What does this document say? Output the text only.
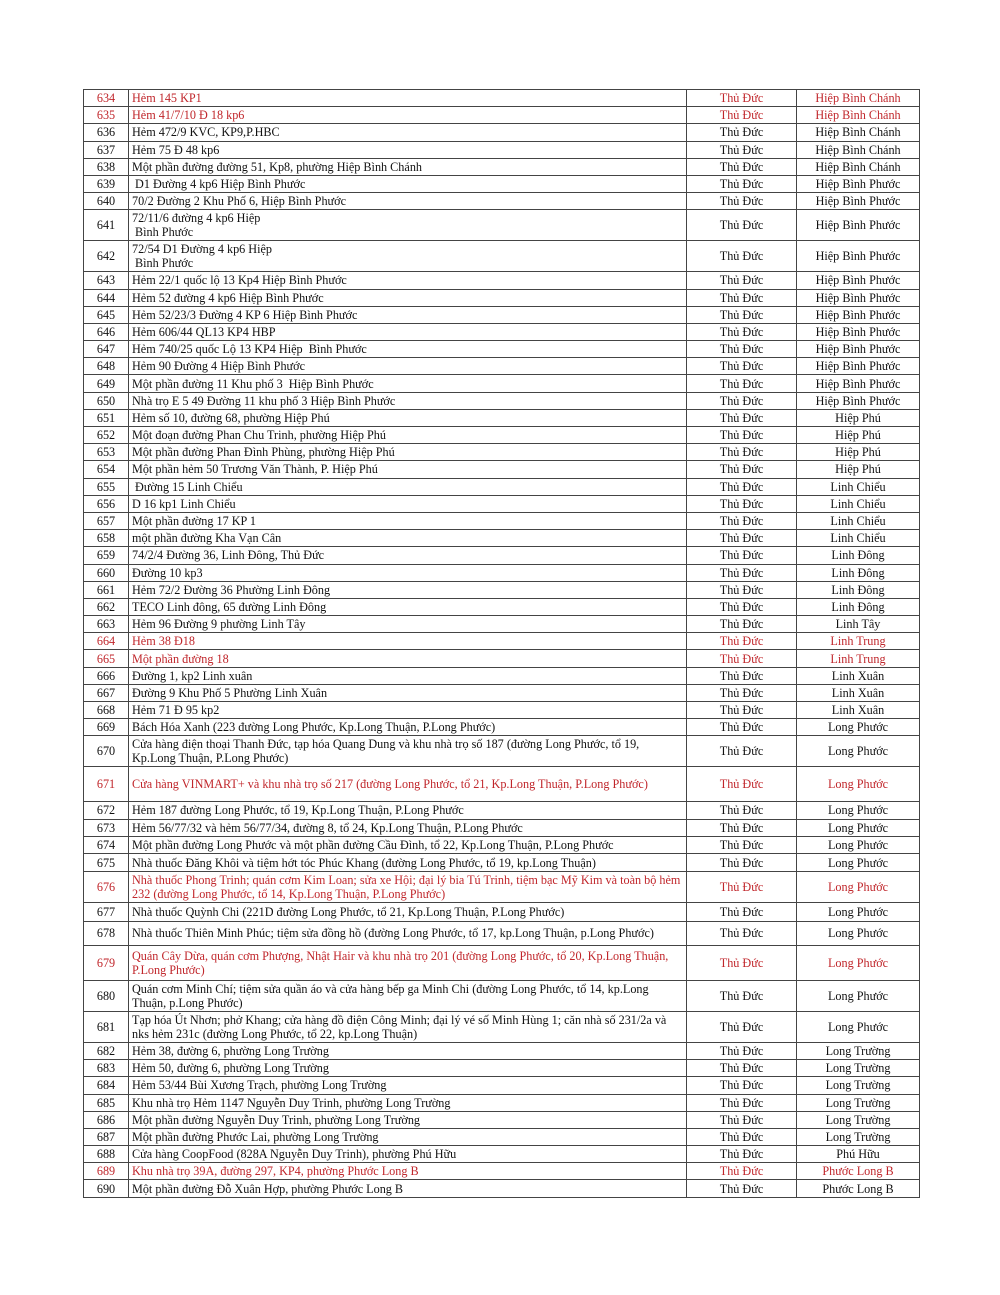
634	Hẻm 145 KP1	Thủ Đức	Hiệp Bình Chánh
635	Hẻm 41/7/10 Đ 18 kp6	Thủ Đức	Hiệp Bình Chánh
636	Hẻm 472/9 KVC, KP9,P.HBC	Thủ Đức	Hiệp Bình Chánh
637	Hẻm 75 Đ 48 kp6	Thủ Đức	Hiệp Bình Chánh
638	Một phần đường đường 51, Kp8, phường Hiệp Bình Chánh	Thủ Đức	Hiệp Bình Chánh
639	D1 Đường 4 kp6 Hiệp Bình Phước	Thủ Đức	Hiệp Bình Phước
640	70/2 Đường 2 Khu Phố 6, Hiệp Bình Phước	Thủ Đức	Hiệp Bình Phước
641	72/11/6 đường 4 kp6 Hiệp
Bình Phước	Thủ Đức	Hiệp Bình Phước
642	72/54 D1 Đường 4 kp6 Hiệp
Bình Phước	Thủ Đức	Hiệp Bình Phước
643	Hẻm 22/1 quốc lộ 13 Kp4 Hiệp Bình Phước	Thủ Đức	Hiệp Bình Phước
644	Hẻm 52 đường 4 kp6 Hiệp Bình Phước	Thủ Đức	Hiệp Bình Phước
645	Hẻm 52/23/3 Đường 4 KP 6 Hiệp Bình Phước	Thủ Đức	Hiệp Bình Phước
646	Hẻm 606/44 QL13 KP4 HBP	Thủ Đức	Hiệp Bình Phước
647	Hẻm 740/25 quốc Lộ 13 KP4 Hiệp  Bình Phước	Thủ Đức	Hiệp Bình Phước
648	Hẻm 90 Đường 4 Hiệp Bình Phước	Thủ Đức	Hiệp Bình Phước
649	Một phần đường 11 Khu phố 3  Hiệp Bình Phước	Thủ Đức	Hiệp Bình Phước
650	Nhà trọ E 5 49 Đường 11 khu phố 3 Hiệp Bình Phước	Thủ Đức	Hiệp Bình Phước
651	Hẻm số 10, đường 68, phường Hiệp Phú	Thủ Đức	Hiệp Phú
652	Một đoạn đường Phan Chu Trinh, phường Hiệp Phú	Thủ Đức	Hiệp Phú
653	Một phần đường Phan Đình Phùng, phường Hiệp Phú	Thủ Đức	Hiệp Phú
654	Một phần hẻm 50 Trương Văn Thành, P. Hiệp Phú	Thủ Đức	Hiệp Phú
655	Đường 15 Linh Chiểu	Thủ Đức	Linh Chiểu
656	D 16 kp1 Linh Chiểu	Thủ Đức	Linh Chiểu
657	Một phần đường 17 KP 1	Thủ Đức	Linh Chiểu
658	một phần đường Kha Vạn Cân	Thủ Đức	Linh Chiểu
659	74/2/4 Đường 36, Linh Đông, Thủ Đức	Thủ Đức	Linh Đông
660	Đường 10 kp3	Thủ Đức	Linh Đông
661	Hẻm 72/2 Đường 36 Phường Linh Đông	Thủ Đức	Linh Đông
662	TECO Linh đông, 65 đường Linh Đông	Thủ Đức	Linh Đông
663	Hẻm 96 Đường 9 phường Linh Tây	Thủ Đức	Linh Tây
664	Hẻm 38 Đ18	Thủ Đức	Linh Trung
665	Một phần đường 18	Thủ Đức	Linh Trung
666	Đường 1, kp2 Linh xuân	Thủ Đức	Linh Xuân
667	Đường 9 Khu Phố 5 Phường Linh Xuân	Thủ Đức	Linh Xuân
668	Hẻm 71 Đ 95 kp2	Thủ Đức	Linh Xuân
669	Bách Hóa Xanh (223 đường Long Phước, Kp.Long Thuận, P.Long Phước)	Thủ Đức	Long Phước
670	Cửa hàng điện thoại Thanh Đức, tạp hóa Quang Dung và khu nhà trọ số 187 (đường Long Phước, tổ 19, Kp.Long Thuận, P.Long Phước)	Thủ Đức	Long Phước
671	Cửa hàng VINMART+ và khu nhà trọ số 217 (đường Long Phước, tổ 21, Kp.Long Thuận, P.Long Phước)	Thủ Đức	Long Phước
672	Hẻm 187 đường Long Phước, tổ 19, Kp.Long Thuận, P.Long Phước	Thủ Đức	Long Phước
673	Hẻm 56/77/32 và hẻm 56/77/34, đường 8, tổ 24, Kp.Long Thuận, P.Long Phước	Thủ Đức	Long Phước
674	Một phần đường Long Phước và một phần đường Cầu Đình, tổ 22, Kp.Long Thuận, P.Long Phước	Thủ Đức	Long Phước
675	Nhà thuốc Đăng Khôi và tiệm hớt tóc Phúc Khang (đường Long Phước, tổ 19, kp.Long Thuận)	Thủ Đức	Long Phước
676	Nhà thuốc Phong Trinh; quán cơm Kim Loan; sửa xe Hội; đại lý bia Tú Trinh, tiệm bạc Mỹ Kim và toàn bộ hẻm 232 (đường Long Phước, tổ 14, Kp.Long Thuận, P.Long Phước)	Thủ Đức	Long Phước
677	Nhà thuốc Quỳnh Chi (221D đường Long Phước, tổ 21, Kp.Long Thuận, P.Long Phước)	Thủ Đức	Long Phước
678	Nhà thuốc Thiên Minh Phúc; tiệm sửa đồng hồ (đường Long Phước, tổ 17, kp.Long Thuận, p.Long Phước)	Thủ Đức	Long Phước
679	Quán Cây Dừa, quán cơm Phượng, Nhật Hair và khu nhà trọ 201 (đường Long Phước, tổ 20, Kp.Long Thuận, P.Long Phước)	Thủ Đức	Long Phước
680	Quán cơm Minh Chí; tiệm sửa quần áo và cửa hàng bếp ga Minh Chi (đường Long Phước, tổ 14, kp.Long Thuận, p.Long Phước)	Thủ Đức	Long Phước
681	Tạp hóa Út Nhơn; phở Khang; cửa hàng đồ điện Công Minh; đại lý vé số Minh Hùng 1; căn nhà số 231/2a và nks hẻm 231c (đường Long Phước, tổ 22, kp.Long Thuận)	Thủ Đức	Long Phước
682	Hẻm 38, đường 6, phường Long Trường	Thủ Đức	Long Trường
683	Hẻm 50, đường 6, phường Long Trường	Thủ Đức	Long Trường
684	Hẻm 53/44 Bùi Xương Trạch, phường Long Trường	Thủ Đức	Long Trường
685	Khu nhà trọ Hẻm 1147 Nguyễn Duy Trinh, phường Long Trường	Thủ Đức	Long Trường
686	Một phần đường Nguyễn Duy Trinh, phường Long Trường	Thủ Đức	Long Trường
687	Một phần đường Phước Lai, phường Long Trường	Thủ Đức	Long Trường
688	Cửa hàng CoopFood (828A Nguyễn Duy Trinh), phường Phú Hữu	Thủ Đức	Phú Hữu
689	Khu nhà trọ 39A, đường 297, KP4, phường Phước Long B	Thủ Đức	Phước Long B
690	Một phần đường Đỗ Xuân Hợp, phường Phước Long B	Thủ Đức	Phước Long B
